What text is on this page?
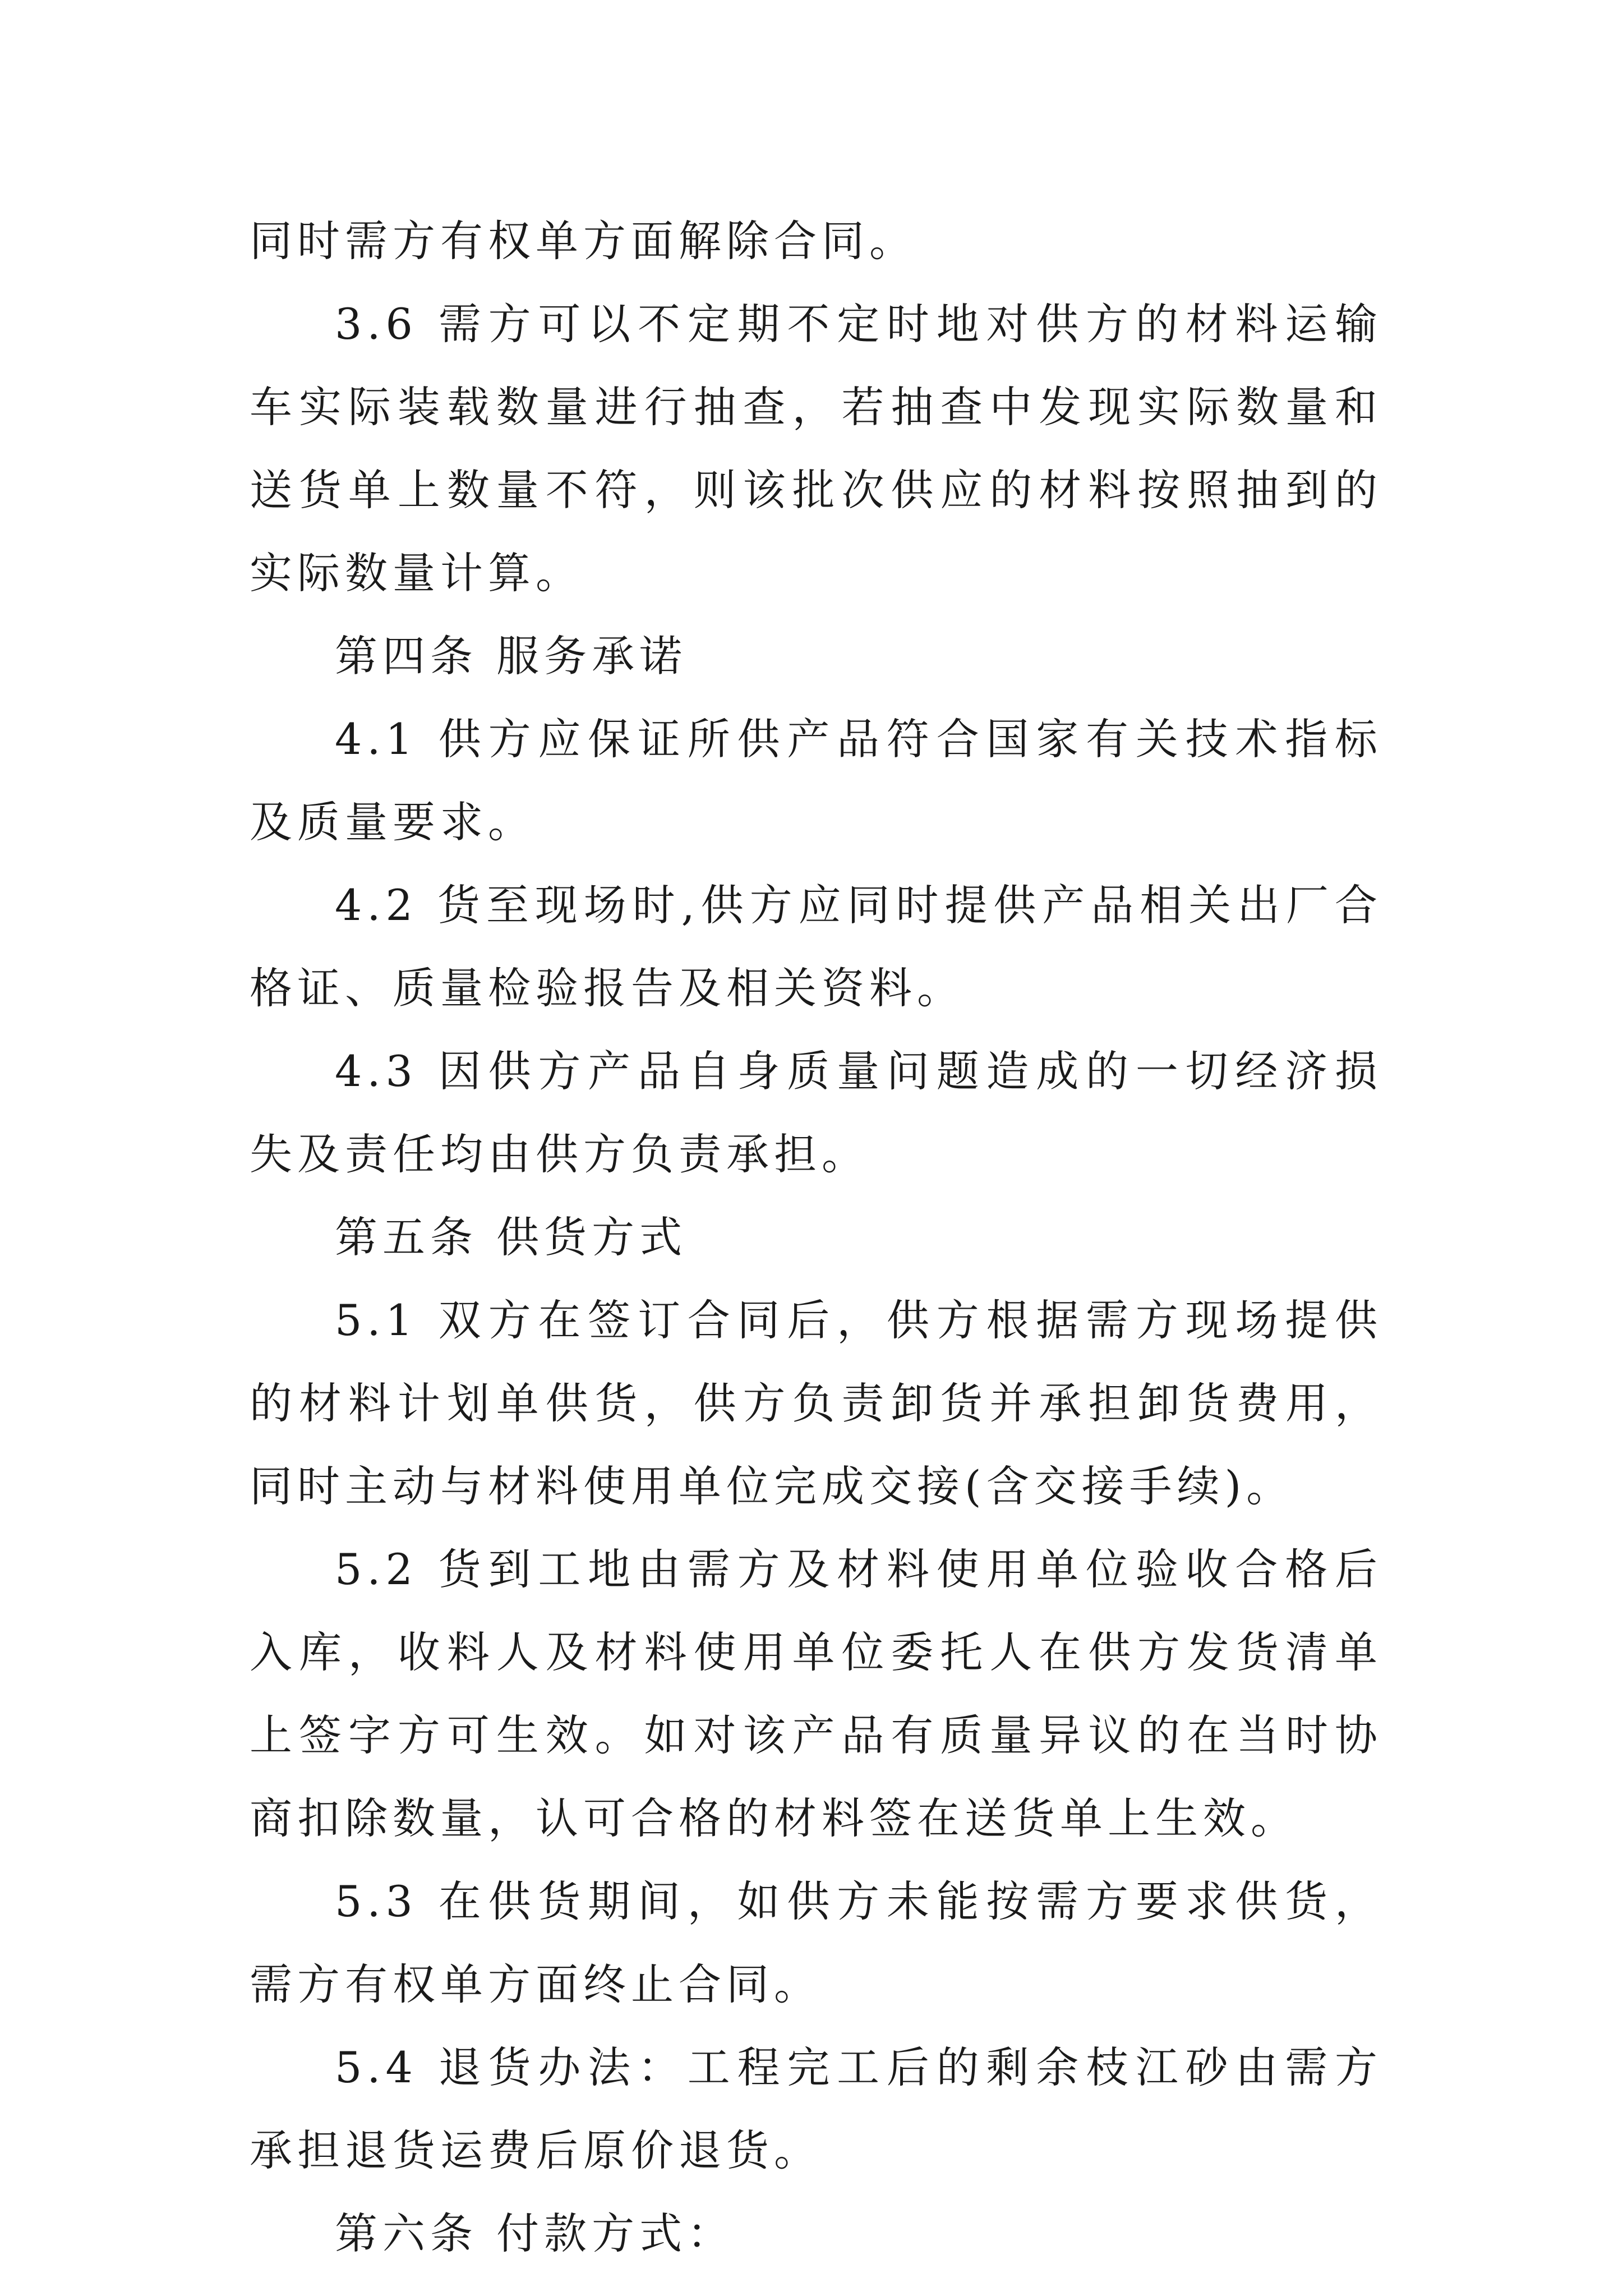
同时需方有权单方面解除合同。

3.6 需方可以不定期不定时地对供方的材料运输车实际装载数量进行抽查，若抽查中发现实际数量和送货单上数量不符，则该批次供应的材料按照抽到的实际数量计算。

第四条 服务承诺

4.1 供方应保证所供产品符合国家有关技术指标及质量要求。

4.2 货至现场时,供方应同时提供产品相关出厂合格证、质量检验报告及相关资料。

4.3 因供方产品自身质量问题造成的一切经济损失及责任均由供方负责承担。

第五条 供货方式

5.1 双方在签订合同后，供方根据需方现场提供的材料计划单供货，供方负责卸货并承担卸货费用，同时主动与材料使用单位完成交接(含交接手续)。

5.2 货到工地由需方及材料使用单位验收合格后入库，收料人及材料使用单位委托人在供方发货清单上签字方可生效。如对该产品有质量异议的在当时协商扣除数量，认可合格的材料签在送货单上生效。

5.3 在供货期间，如供方未能按需方要求供货，需方有权单方面终止合同。

5.4 退货办法：工程完工后的剩余枝江砂由需方承担退货运费后原价退货。

第六条 付款方式：
